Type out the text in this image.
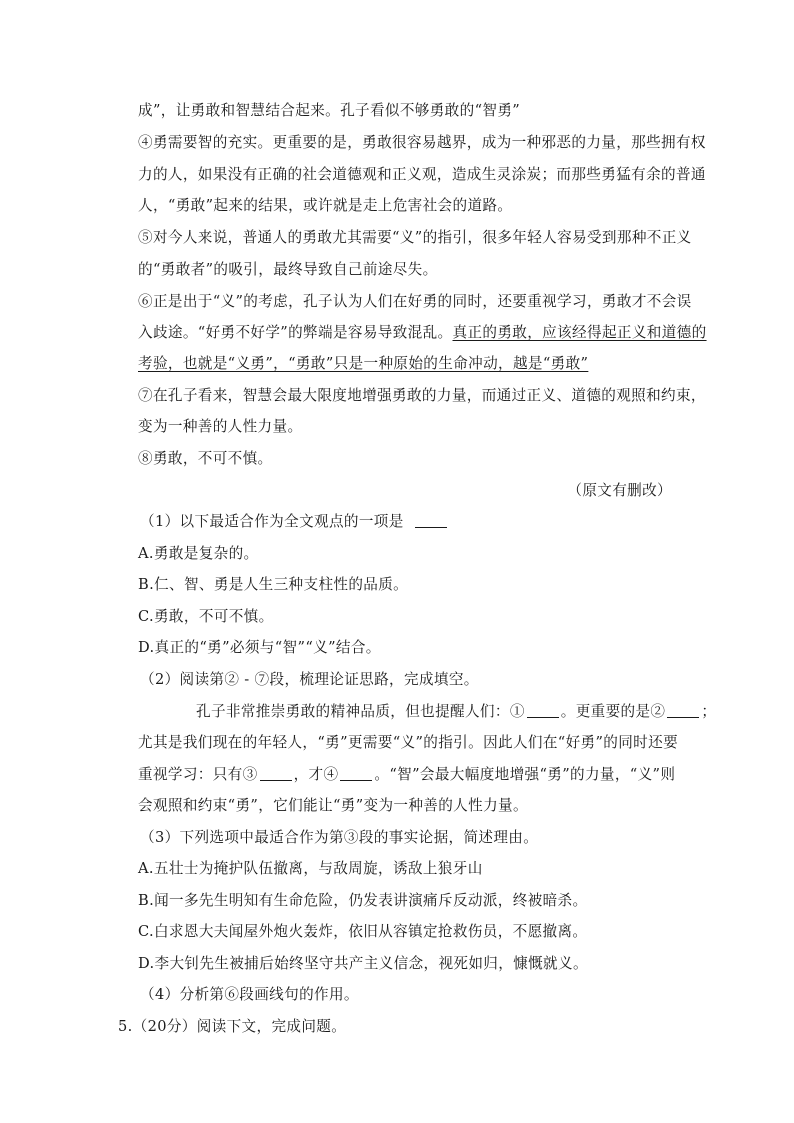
成”，让勇敢和智慧结合起来。孔子看似不够勇敢的“智勇”
④勇需要智的充实。更重要的是，勇敢很容易越界，成为一种邪恶的力量，那些拥有权
力的人，如果没有正确的社会道德观和正义观，造成生灵涂炭；而那些勇猛有余的普通
人，“勇敢”起来的结果，或许就是走上危害社会的道路。
⑤对今人来说，普通人的勇敢尤其需要“义”的指引，很多年轻人容易受到那种不正义
的“勇敢者”的吸引，最终导致自己前途尽失。
⑥正是出于“义”的考虑，孔子认为人们在好勇的同时，还要重视学习，勇敢才不会误
入歧途。“好勇不好学”的弊端是容易导致混乱。真正的勇敢，应该经得起正义和道德的
考验，也就是“义勇”，“勇敢”只是一种原始的生命冲动，越是“勇敢”
⑦在孔子看来，智慧会最大限度地增强勇敢的力量，而通过正义、道德的观照和约束，
变为一种善的人性力量。
⑧勇敢，不可不慎。
（原文有删改）
（1）以下最适合作为全文观点的一项是
A.勇敢是复杂的。
B.仁、智、勇是人生三种支柱性的品质。
C.勇敢，不可不慎。
D.真正的“勇”必须与“智”“义”结合。
（2）阅读第② - ⑦段，梳理论证思路，完成填空。
孔子非常推崇勇敢的精神品质，但也提醒人们：① 。更重要的是② ；
尤其是我们现在的年轻人，“勇”更需要“义”的指引。因此人们在“好勇”的同时还要
重视学习：只有③ ，才④ 。“智”会最大幅度地增强“勇”的力量，“义”则
会观照和约束“勇”，它们能让“勇”变为一种善的人性力量。
（3）下列选项中最适合作为第③段的事实论据，简述理由。
A.五壮士为掩护队伍撤离，与敌周旋，诱敌上狼牙山
B.闻一多先生明知有生命危险，仍发表讲演痛斥反动派，终被暗杀。
C.白求恩大夫闻屋外炮火轰炸，依旧从容镇定抢救伤员，不愿撤离。
D.李大钊先生被捕后始终坚守共产主义信念，视死如归，慷慨就义。
（4）分析第⑥段画线句的作用。
5.（20分）阅读下文，完成问题。
